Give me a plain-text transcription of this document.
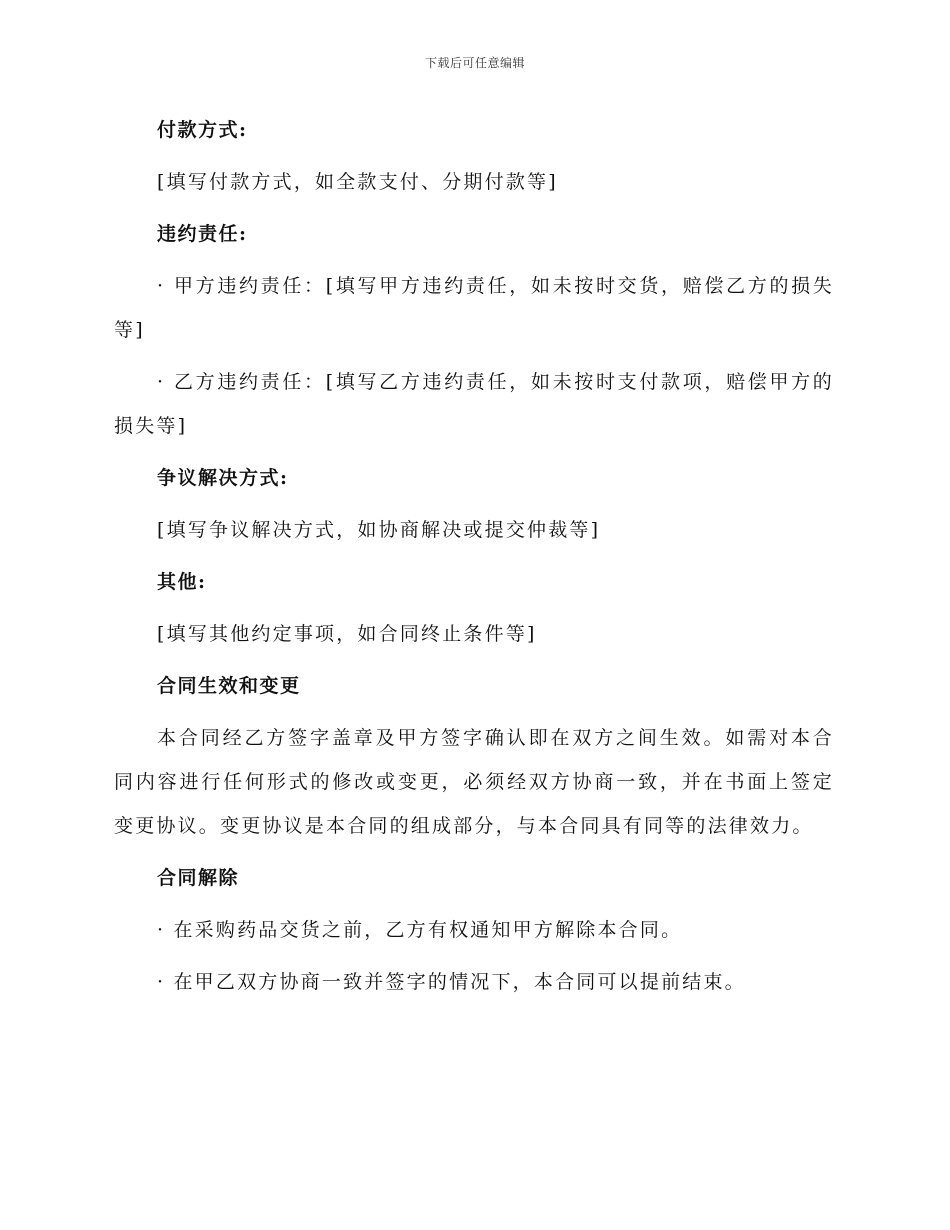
下载后可任意编辑

付款方式:

[填写付款方式，如全款支付、分期付款等]

违约责任:

· 甲方违约责任：[填写甲方违约责任，如未按时交货，赔偿乙方的损失等]

· 乙方违约责任：[填写乙方违约责任，如未按时支付款项，赔偿甲方的损失等]

争议解决方式:

[填写争议解决方式，如协商解决或提交仲裁等]

其他:

[填写其他约定事项，如合同终止条件等]

合同生效和变更

本合同经乙方签字盖章及甲方签字确认即在双方之间生效。如需对本合同内容进行任何形式的修改或变更，必须经双方协商一致，并在书面上签定变更协议。变更协议是本合同的组成部分，与本合同具有同等的法律效力。

合同解除

· 在采购药品交货之前，乙方有权通知甲方解除本合同。

· 在甲乙双方协商一致并签字的情况下，本合同可以提前结束。
